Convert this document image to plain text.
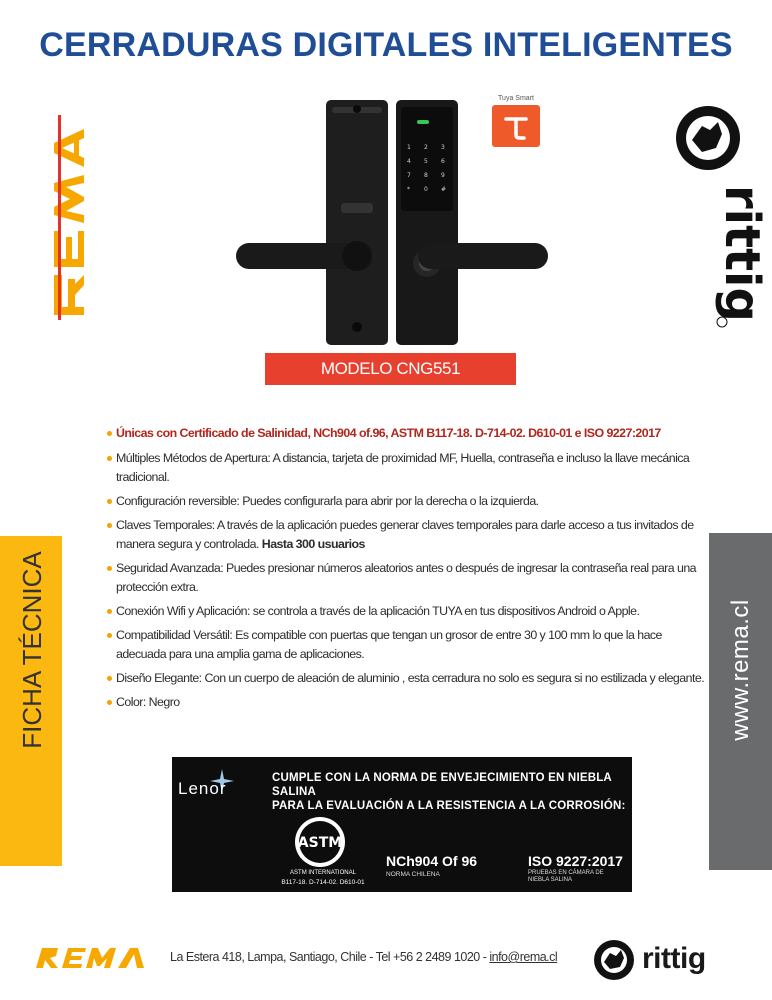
CERRADURAS DIGITALES INTELIGENTES
1 2 3
4 5 6
7 8 9
* 0 #
Tuya Smart
rittig
MODELO CNG551
FICHA TÉCNICA	www.rema.cl
Únicas con Certificado de Salinidad, NCh904 of.96, ASTM B117-18. D-714-02. D610-01 e ISO 9227:2017
Múltiples Métodos de Apertura: A distancia, tarjeta de proximidad MF, Huella, contraseña e incluso la llave mecánica tradicional.
Configuración reversible: Puedes configurarla para abrir por la derecha o la izquierda.
Claves Temporales: A través de la aplicación puedes generar claves temporales para darle acceso a tus invitados de manera segura y controlada. Hasta 300 usuarios
Seguridad Avanzada: Puedes presionar números aleatorios antes o después de ingresar la contraseña real para una protección extra.
Conexión Wifi y Aplicación: se controla a través de la aplicación TUYA en tus dispositivos Android o Apple.
Compatibilidad Versátil: Es compatible con puertas que tengan un grosor de entre 30 y 100 mm lo que la hace adecuada para una amplia gama de aplicaciones.
Diseño Elegante: Con un cuerpo de aleación de aluminio , esta cerradura no solo es segura si no estilizada y elegante.
Color: Negro
Lenor
CUMPLE CON LA NORMA DE ENVEJECIMIENTO EN NIEBLA SALINA
PARA LA EVALUACIÓN A LA RESISTENCIA A LA CORROSIÓN:
ASTM
ASTM INTERNATIONAL
B117-18. D-714-02. D610-01
NCh904 Of 96
NORMA CHILENA
ISO 9227:2017
PRUEBAS EN CÁMARA DE NIEBLA SALINA
La Estera 418, Lampa, Santiago, Chile - Tel +56 2 2489 1020 - info@rema.cl	rittig
